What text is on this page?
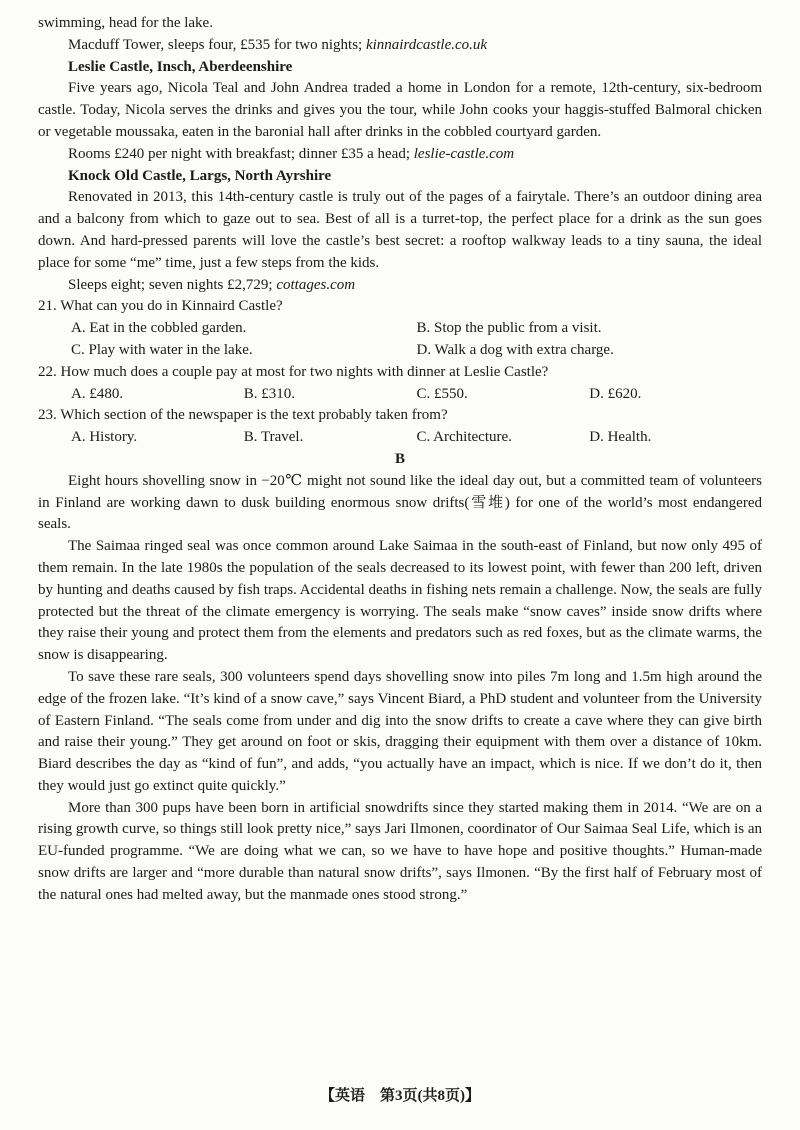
swimming, head for the lake.

Macduff Tower, sleeps four, £535 for two nights; kinnairdcastle.co.uk

Leslie Castle, Insch, Aberdeenshire

Five years ago, Nicola Teal and John Andrea traded a home in London for a remote, 12th-century, six-bedroom castle. Today, Nicola serves the drinks and gives you the tour, while John cooks your haggis-stuffed Balmoral chicken or vegetable moussaka, eaten in the baronial hall after drinks in the cobbled courtyard garden.

Rooms £240 per night with breakfast; dinner £35 a head; leslie-castle.com

Knock Old Castle, Largs, North Ayrshire

Renovated in 2013, this 14th-century castle is truly out of the pages of a fairytale. There’s an outdoor dining area and a balcony from which to gaze out to sea. Best of all is a turret-top, the perfect place for a drink as the sun goes down. And hard-pressed parents will love the castle’s best secret: a rooftop walkway leads to a tiny sauna, the ideal place for some “me” time, just a few steps from the kids.

Sleeps eight; seven nights £2,729; cottages.com

21. What can you do in Kinnaird Castle?

A. Eat in the cobbled garden.	B. Stop the public from a visit.
C. Play with water in the lake.	D. Walk a dog with extra charge.

22. How much does a couple pay at most for two nights with dinner at Leslie Castle?

A. £480.	B. £310.	C. £550.	D. £620.

23. Which section of the newspaper is the text probably taken from?

A. History.	B. Travel.	C. Architecture.	D. Health.

B

Eight hours shovelling snow in −20℃ might not sound like the ideal day out, but a committed team of volunteers in Finland are working dawn to dusk building enormous snow drifts(雪堆) for one of the world’s most endangered seals.

The Saimaa ringed seal was once common around Lake Saimaa in the south-east of Finland, but now only 495 of them remain. In the late 1980s the population of the seals decreased to its lowest point, with fewer than 200 left, driven by hunting and deaths caused by fish traps. Accidental deaths in fishing nets remain a challenge. Now, the seals are fully protected but the threat of the climate emergency is worrying. The seals make “snow caves” inside snow drifts where they raise their young and protect them from the elements and predators such as red foxes, but as the climate warms, the snow is disappearing.

To save these rare seals, 300 volunteers spend days shovelling snow into piles 7m long and 1.5m high around the edge of the frozen lake. “It’s kind of a snow cave,” says Vincent Biard, a PhD student and volunteer from the University of Eastern Finland. “The seals come from under and dig into the snow drifts to create a cave where they can give birth and raise their young.” They get around on foot or skis, dragging their equipment with them over a distance of 10km. Biard describes the day as “kind of fun”, and adds, “you actually have an impact, which is nice. If we don’t do it, then they would just go extinct quite quickly.”

More than 300 pups have been born in artificial snowdrifts since they started making them in 2014. “We are on a rising growth curve, so things still look pretty nice,” says Jari Ilmonen, coordinator of Our Saimaa Seal Life, which is an EU-funded programme. “We are doing what we can, so we have to have hope and positive thoughts.” Human-made snow drifts are larger and “more durable than natural snow drifts”, says Ilmonen. “By the first half of February most of the natural ones had melted away, but the manmade ones stood strong.”

【英语　第3页(共8页)】
